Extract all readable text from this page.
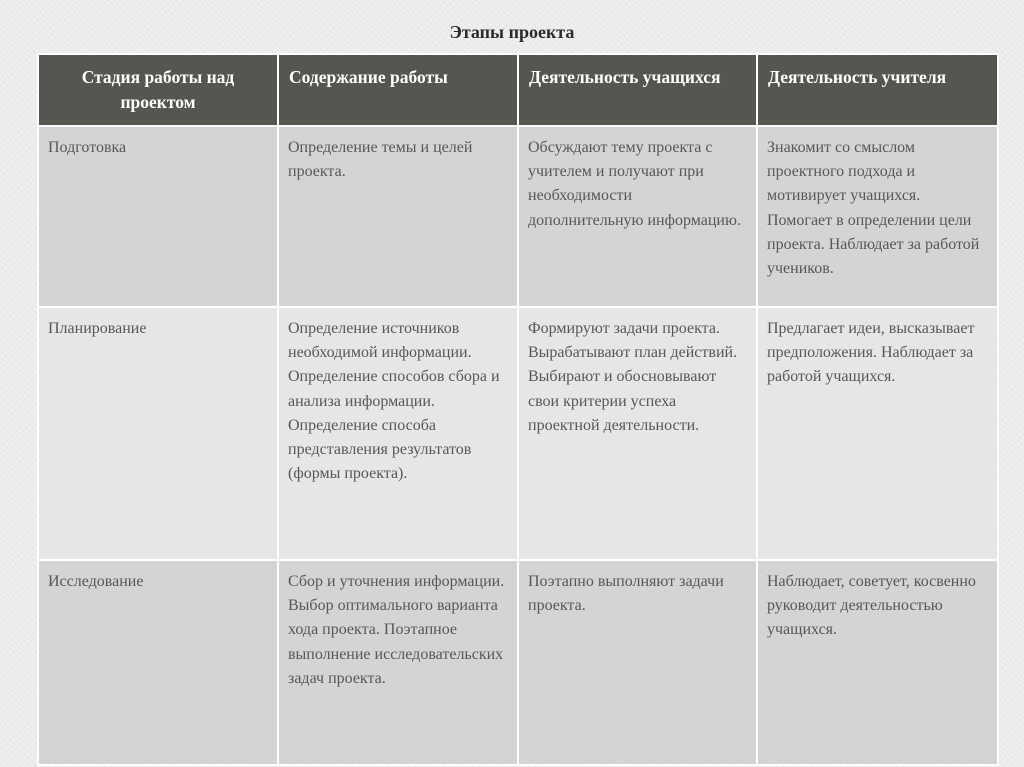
Этапы проекта
Стадия работы над проектом	Содержание работы	Деятельность учащихся	Деятельность учителя
Подготовка	Определение темы и целей проекта.	Обсуждают тему проекта с учителем и получают при необходимости дополнительную информацию.	Знакомит со смыслом проектного подхода и мотивирует учащихся. Помогает в определении цели проекта. Наблюдает за работой учеников.
Планирование	Определение источников необходимой информации. Определение способов сбора и анализа информации. Определение способа представления результатов (формы проекта).	Формируют задачи проекта. Вырабатывают план действий. Выбирают и обосновывают свои критерии успеха проектной деятельности.	Предлагает идеи, высказывает предположения. Наблюдает за работой учащихся.
Исследование	Сбор и уточнения информации. Выбор оптимального варианта хода проекта. Поэтапное выполнение исследовательских задач проекта.	Поэтапно выполняют задачи проекта.	Наблюдает, советует, косвенно руководит деятельностью учащихся.
